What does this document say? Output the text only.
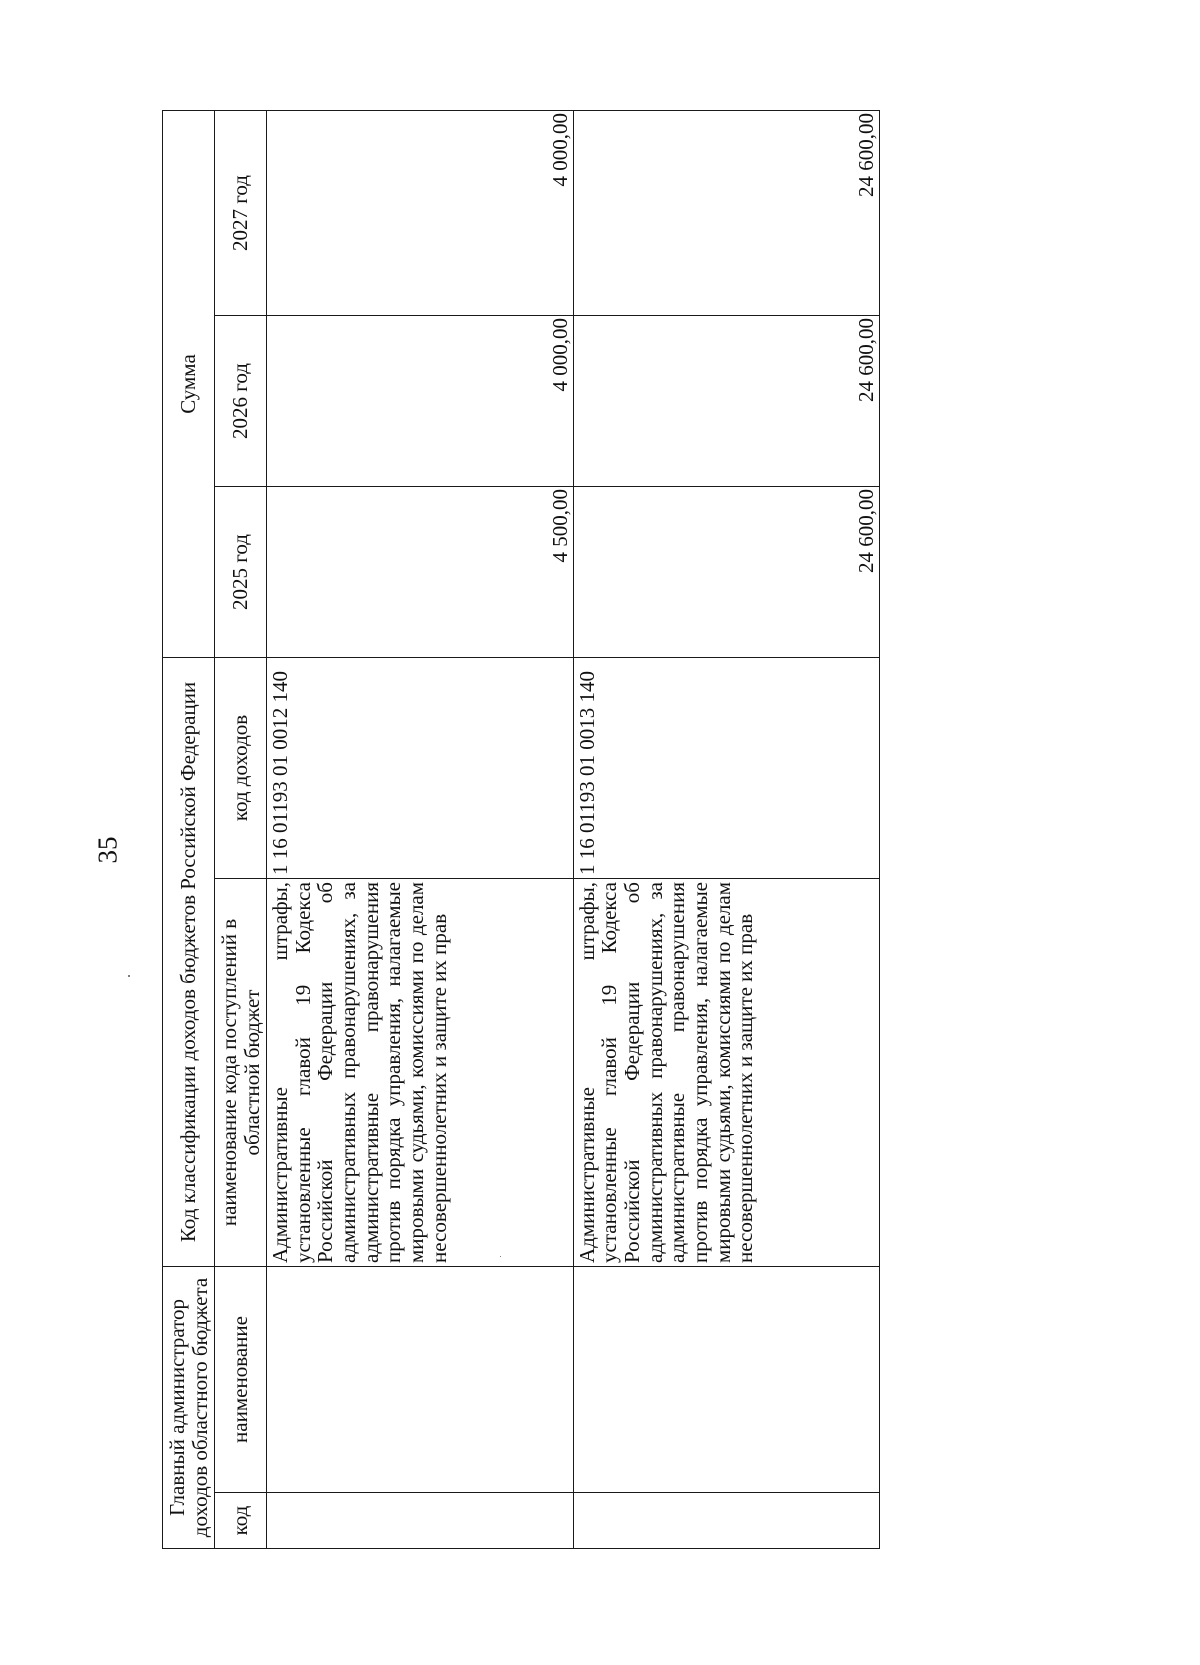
35
Главный администратор доходов областного бюджета		Код классификации доходов бюджетов Российской Федерации		Сумма		
код	наименование	наименование кода поступлений в областной бюджет	код доходов	2025 год	2026 год	2027 год
		Административные штрафы, установленные главой 19 Кодекса Российской Федерации об административных правонарушениях, за административные правонарушения против порядка управления, налагаемые мировыми судьями, комиссиями по делам несовершеннолетних и защите их прав	1 16 01193 01 0012 140	4 500,00	4 000,00	4 000,00
		Административные штрафы, установленные главой 19 Кодекса Российской Федерации об административных правонарушениях, за административные правонарушения против порядка управления, налагаемые мировыми судьями, комиссиями по делам несовершеннолетних и защите их прав	1 16 01193 01 0013 140	24 600,00	24 600,00	24 600,00
